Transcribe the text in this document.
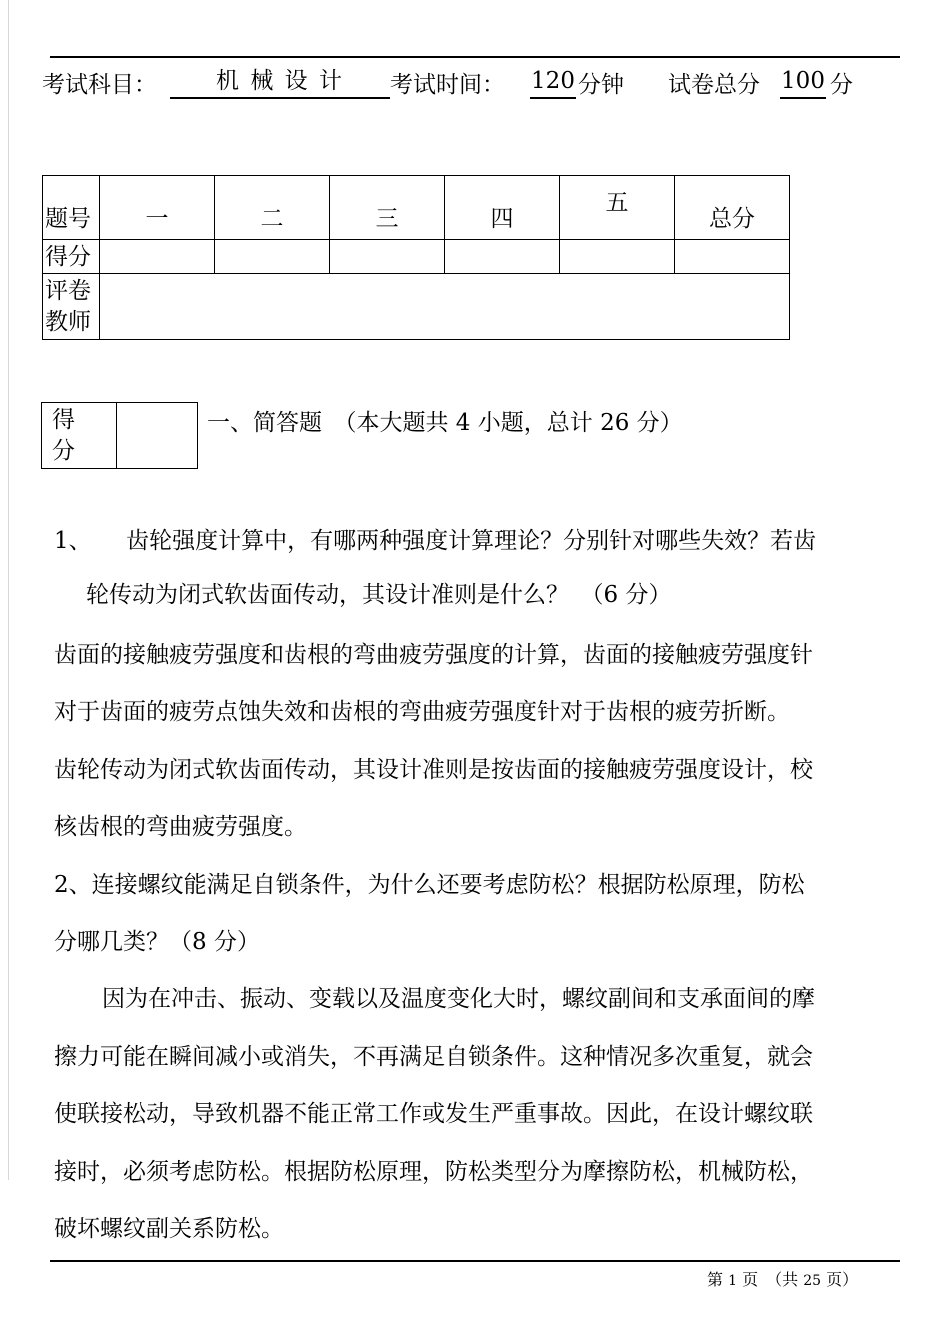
考试科目：	机 械 设 计	考试时间： 120 分钟 试卷总分 100 分
题号	一	二	三	四	五	总分
得分						

评卷
教师						

得
分

一、简答题　（本大题共 4 小题，总计 26 分）
1、　　齿轮强度计算中，有哪两种强度计算理论？分别针对哪些失效？若齿
轮传动为闭式软齿面传动，其设计准则是什么？　（6 分）
齿面的接触疲劳强度和齿根的弯曲疲劳强度的计算，齿面的接触疲劳强度针
对于齿面的疲劳点蚀失效和齿根的弯曲疲劳强度针对于齿根的疲劳折断。
齿轮传动为闭式软齿面传动，其设计准则是按齿面的接触疲劳强度设计，校
核齿根的弯曲疲劳强度。
2、连接螺纹能满足自锁条件，为什么还要考虑防松？根据防松原理，防松
分哪几类？（8 分）
因为在冲击、振动、变载以及温度变化大时，螺纹副间和支承面间的摩
擦力可能在瞬间减小或消失，不再满足自锁条件。这种情况多次重复，就会
使联接松动，导致机器不能正常工作或发生严重事故。因此，在设计螺纹联
接时，必须考虑防松。根据防松原理，防松类型分为摩擦防松，机械防松，
破坏螺纹副关系防松。
第 1 页　（共 25 页）
